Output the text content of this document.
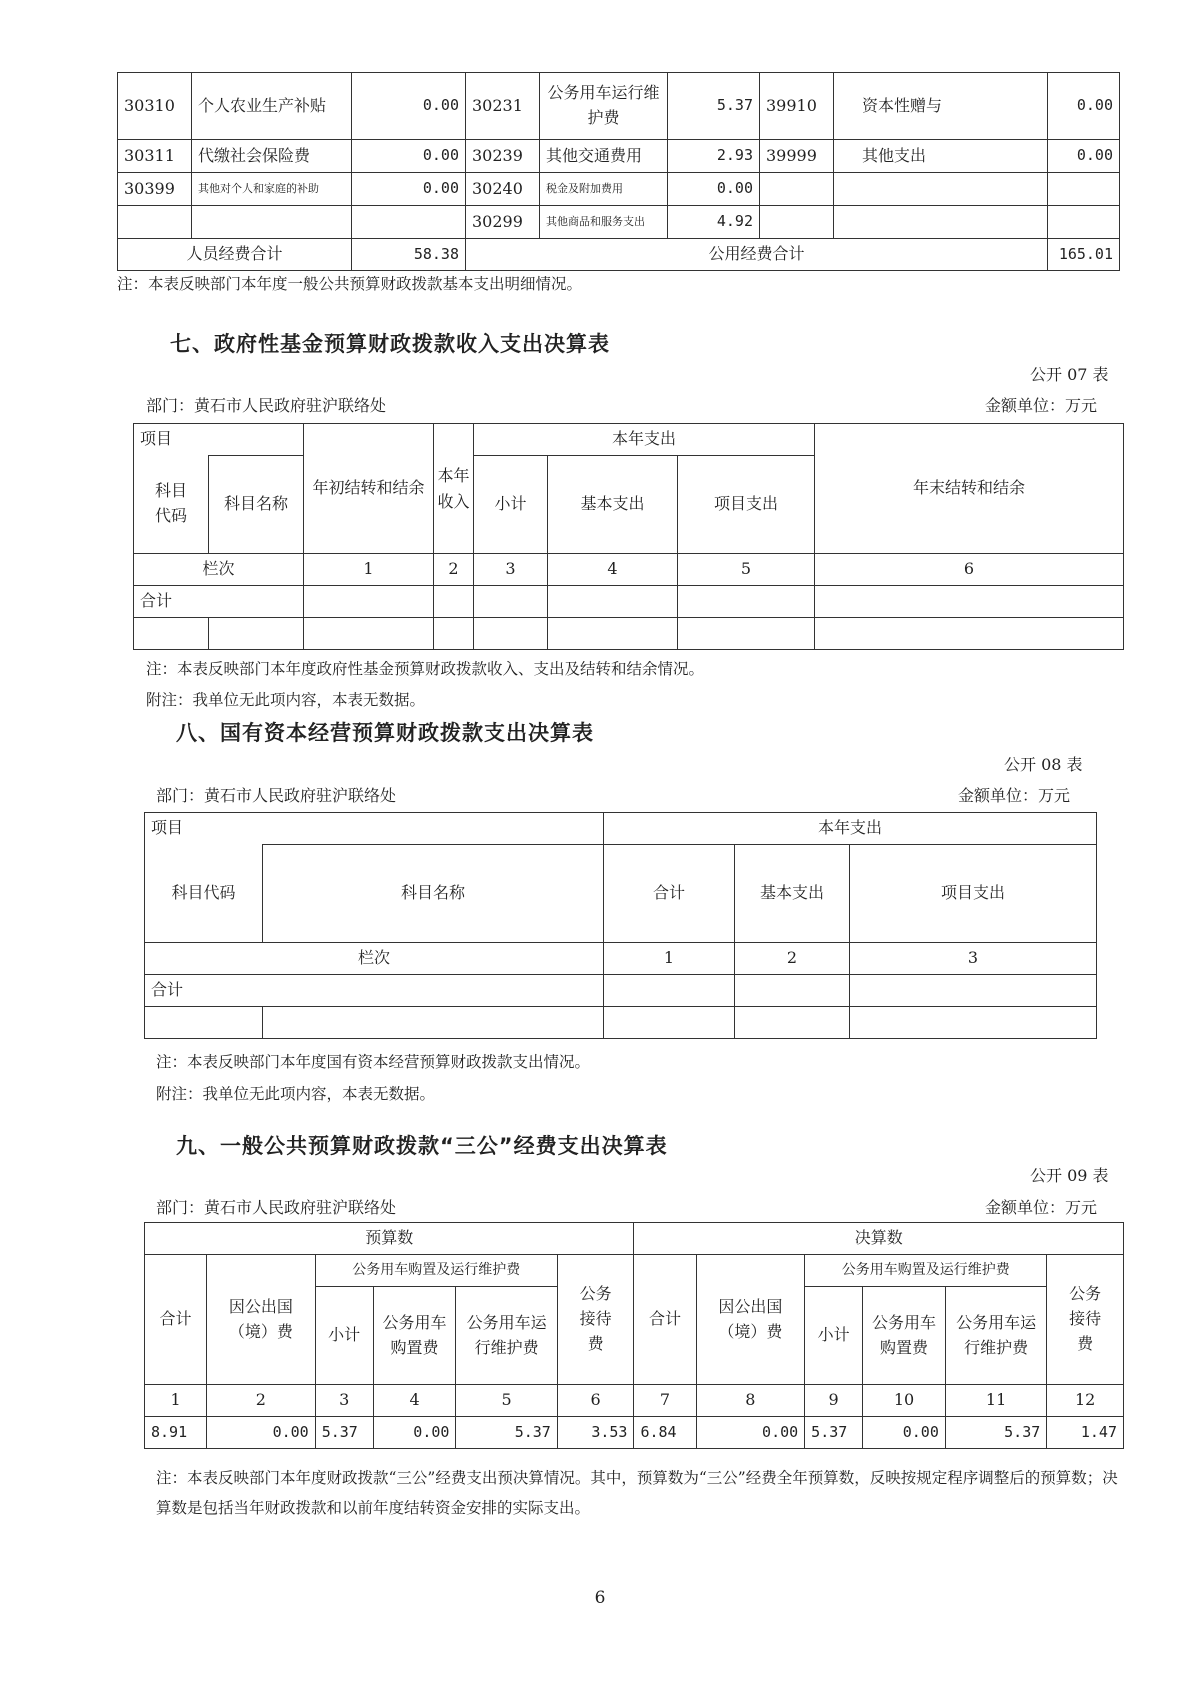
30310	个人农业生产补贴	0.00	30231	公务用车运行维护费	5.37	39910	资本性赠与	0.00
30311	代缴社会保险费	0.00	30239	其他交通费用	2.93	39999	其他支出	0.00
30399	其他对个人和家庭的补助	0.00	30240	税金及附加费用	0.00			
			30299	其他商品和服务支出	4.92			
人员经费合计		58.38	公用经费合计					165.01
注：本表反映部门本年度一般公共预算财政拨款基本支出明细情况。
七、政府性基金预算财政拨款收入支出决算表
公开 07 表
部门：黄石市人民政府驻沪联络处	金额单位：万元
项目		年初结转和结余	本年收入	本年支出			年末结转和结余
科目代码	科目名称			小计	基本支出	项目支出	
栏次		1	2	3	4	5	6
合计							

注：本表反映部门本年度政府性基金预算财政拨款收入、支出及结转和结余情况。
附注：我单位无此项内容，本表无数据。
八、国有资本经营预算财政拨款支出决算表
公开 08 表
部门：黄石市人民政府驻沪联络处	金额单位：万元
项目		本年支出		
科目代码	科目名称	合计	基本支出	项目支出
栏次		1	2	3
合计				

注：本表反映部门本年度国有资本经营预算财政拨款支出情况。
附注：我单位无此项内容，本表无数据。
九、一般公共预算财政拨款“三公”经费支出决算表
公开 09 表
部门：黄石市人民政府驻沪联络处	金额单位：万元
预算数						决算数					
合计	因公出国（境）费	公务用车购置及运行维护费			公务接待费	合计	因公出国（境）费	公务用车购置及运行维护费			公务接待费
		小计	公务用车购置费	公务用车运行维护费				小计	公务用车购置费	公务用车运行维护费	
1	2	3	4	5	6	7	8	9	10	11	12
8.91	0.00	5.37	0.00	5.37	3.53	6.84	0.00	5.37	0.00	5.37	1.47
注：本表反映部门本年度财政拨款“三公”经费支出预决算情况。其中，预算数为“三公”经费全年预算数，反映按规定程序调整后的预算数；决算数是包括当年财政拨款和以前年度结转资金安排的实际支出。
6
